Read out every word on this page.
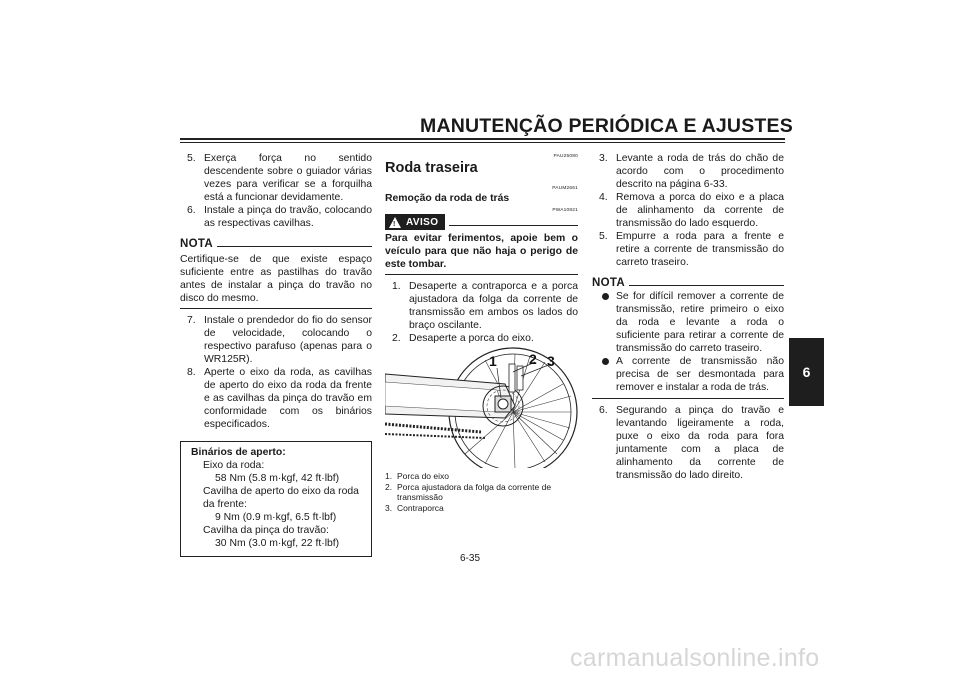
MANUTENÇÃO PERIÓDICA E AJUSTES
6
5. Exerça força no sentido descendente sobre o guiador várias vezes para verificar se a forquilha está a funcionar devidamente.
6. Instale a pinça do travão, colocando as respectivas cavilhas.
NOTA
Certifique-se de que existe espaço suficiente entre as pastilhas do travão antes de instalar a pinça do travão no disco do mesmo.
7. Instale o prendedor do fio do sensor de velocidade, colocando o respectivo parafuso (apenas para o WR125R).
8. Aperte o eixo da roda, as cavilhas de aperto do eixo da roda da frente e as cavilhas da pinça do travão em conformidade com os binários especificados.
Binários de aperto:
Eixo da roda:
58 Nm (5.8 m·kgf, 42 ft·lbf)
Cavilha de aperto do eixo da roda da frente:
9 Nm (0.9 m·kgf, 6.5 ft·lbf)
Cavilha da pinça do travão:
30 Nm (3.0 m·kgf, 22 ft·lbf)
PAU25080
Roda traseira
PAUM2661
Remoção da roda de trás
PWA10821
! AVISO
Para evitar ferimentos, apoie bem o veículo para que não haja o perigo de este tombar.
1. Desaperte a contraporca e a porca ajustadora da folga da corrente de transmissão em ambos os lados do braço oscilante.
2. Desaperte a porca do eixo.
1 2 3
1. Porca do eixo
2. Porca ajustadora da folga da corrente de transmissão
3. Contraporca
3. Levante a roda de trás do chão de acordo com o procedimento descrito na página 6-33.
4. Remova a porca do eixo e a placa de alinhamento da corrente de transmissão do lado esquerdo.
5. Empurre a roda para a frente e retire a corrente de transmissão do carreto traseiro.
NOTA
Se for difícil remover a corrente de transmissão, retire primeiro o eixo da roda e levante a roda o suficiente para retirar a corrente de transmissão do carreto traseiro.
A corrente de transmissão não precisa de ser desmontada para remover e instalar a roda de trás.
6. Segurando a pinça do travão e levantando ligeiramente a roda, puxe o eixo da roda para fora juntamente com a placa de alinhamento da corrente de transmissão do lado direito.
6-35
carmanualsonline.info
